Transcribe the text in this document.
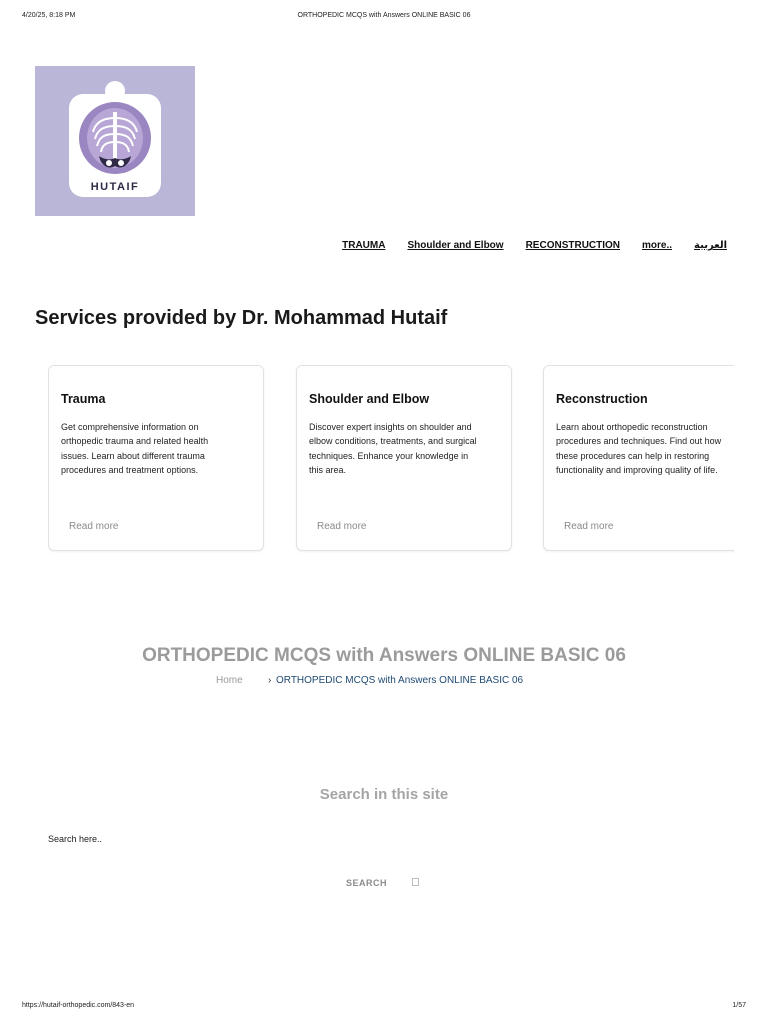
4/20/25, 8:18 PM	ORTHOPEDIC MCQS with Answers ONLINE BASIC 06
HUTAIF
TRAUMA Shoulder and Elbow RECONSTRUCTION more.. العربية
Services provided by Dr. Mohammad Hutaif
Trauma

Get comprehensive information on orthopedic trauma and related health issues. Learn about different trauma procedures and treatment options.

Read more
Shoulder and Elbow

Discover expert insights on shoulder and elbow conditions, treatments, and surgical techniques. Enhance your knowledge in this area.

Read more
Reconstruction

Learn about orthopedic reconstruction procedures and techniques. Find out how these procedures can help in restoring functionality and improving quality of life.

Read more
ORTHOPEDIC MCQS with Answers ONLINE BASIC 06
Home	› ORTHOPEDIC MCQS with Answers ONLINE BASIC 06
Search in this site
Search here..
SEARCH
https://hutaif-orthopedic.com/843-en	1/57
